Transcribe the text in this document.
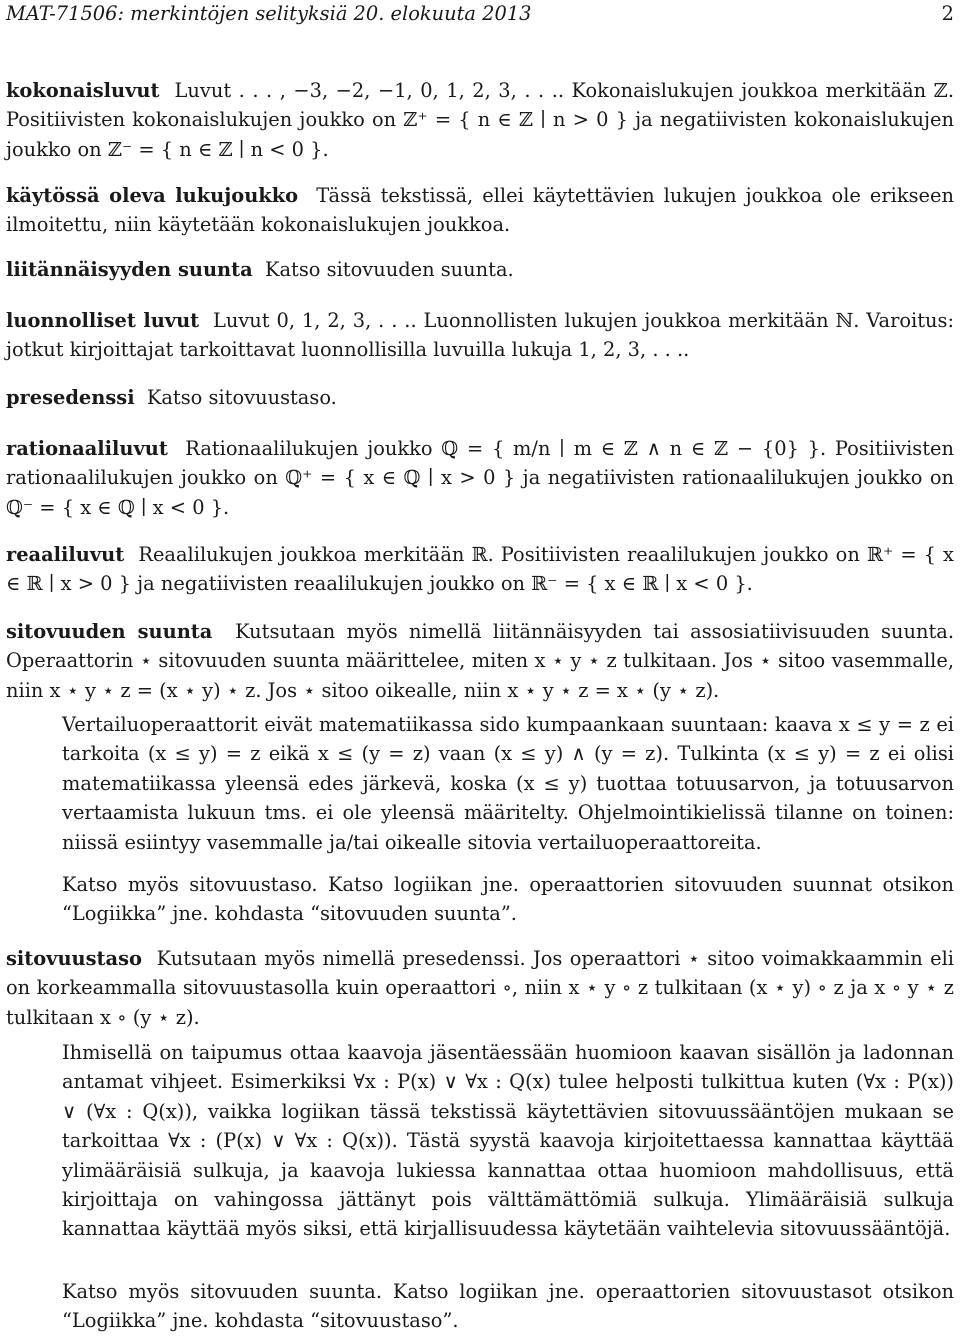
MAT-71506: merkintöjen selityksiä 20. elokuuta 2013	2
kokonaisluvut Luvut . . . , −3, −2, −1, 0, 1, 2, 3, . . .. Kokonaislukujen joukkoa merkitään ℤ. Positiivisten kokonaislukujen joukko on ℤ⁺ = { n ∈ ℤ ∣ n > 0 } ja negatiivisten kokonaislukujen joukko on ℤ⁻ = { n ∈ ℤ ∣ n < 0 }.
käytössä oleva lukujoukko Tässä tekstissä, ellei käytettävien lukujen joukkoa ole erikseen ilmoitettu, niin käytetään kokonaislukujen joukkoa.
liitännäisyyden suunta Katso sitovuuden suunta.
luonnolliset luvut Luvut 0, 1, 2, 3, . . .. Luonnollisten lukujen joukkoa merkitään ℕ. Varoitus: jotkut kirjoittajat tarkoittavat luonnollisilla luvuilla lukuja 1, 2, 3, . . ..
presedenssi Katso sitovuustaso.
rationaaliluvut Rationaalilukujen joukko ℚ = { m/n ∣ m ∈ ℤ ∧ n ∈ ℤ − {0} }. Positiivisten rationaalilukujen joukko on ℚ⁺ = { x ∈ ℚ ∣ x > 0 } ja negatiivisten rationaalilukujen joukko on ℚ⁻ = { x ∈ ℚ ∣ x < 0 }.
reaaliluvut Reaalilukujen joukkoa merkitään ℝ. Positiivisten reaalilukujen joukko on ℝ⁺ = { x ∈ ℝ ∣ x > 0 } ja negatiivisten reaalilukujen joukko on ℝ⁻ = { x ∈ ℝ ∣ x < 0 }.
sitovuuden suunta Kutsutaan myös nimellä liitännäisyyden tai assosiatiivisuuden suunta. Operaattorin ⋆ sitovuuden suunta määrittelee, miten x ⋆ y ⋆ z tulkitaan. Jos ⋆ sitoo vasemmalle, niin x ⋆ y ⋆ z = (x ⋆ y) ⋆ z. Jos ⋆ sitoo oikealle, niin x ⋆ y ⋆ z = x ⋆ (y ⋆ z).
Vertailuoperaattorit eivät matematiikassa sido kumpaankaan suuntaan: kaava x ≤ y = z ei tarkoita (x ≤ y) = z eikä x ≤ (y = z) vaan (x ≤ y) ∧ (y = z). Tulkinta (x ≤ y) = z ei olisi matematiikassa yleensä edes järkevä, koska (x ≤ y) tuottaa totuusarvon, ja totuusarvon vertaamista lukuun tms. ei ole yleensä määritelty. Ohjelmointikielissä tilanne on toinen: niissä esiintyy vasemmalle ja/tai oikealle sitovia vertailuoperaattoreita.
Katso myös sitovuustaso. Katso logiikan jne. operaattorien sitovuuden suunnat otsikon “Logiikka” jne. kohdasta “sitovuuden suunta”.
sitovuustaso Kutsutaan myös nimellä presedenssi. Jos operaattori ⋆ sitoo voimakkaammin eli on korkeammalla sitovuustasolla kuin operaattori ∘, niin x ⋆ y ∘ z tulkitaan (x ⋆ y) ∘ z ja x ∘ y ⋆ z tulkitaan x ∘ (y ⋆ z).
Ihmisellä on taipumus ottaa kaavoja jäsentäessään huomioon kaavan sisällön ja ladonnan antamat vihjeet. Esimerkiksi ∀x : P(x) ∨ ∀x : Q(x) tulee helposti tulkittua kuten (∀x : P(x)) ∨ (∀x : Q(x)), vaikka logiikan tässä tekstissä käytettävien sitovuussääntöjen mukaan se tarkoittaa ∀x : (P(x) ∨ ∀x : Q(x)). Tästä syystä kaavoja kirjoitettaessa kannattaa käyttää ylimääräisiä sulkuja, ja kaavoja lukiessa kannattaa ottaa huomioon mahdollisuus, että kirjoittaja on vahingossa jättänyt pois välttämättömiä sulkuja. Ylimääräisiä sulkuja kannattaa käyttää myös siksi, että kirjallisuudessa käytetään vaihtelevia sitovuussääntöjä.
Katso myös sitovuuden suunta. Katso logiikan jne. operaattorien sitovuustasot otsikon “Logiikka” jne. kohdasta “sitovuustaso”.
